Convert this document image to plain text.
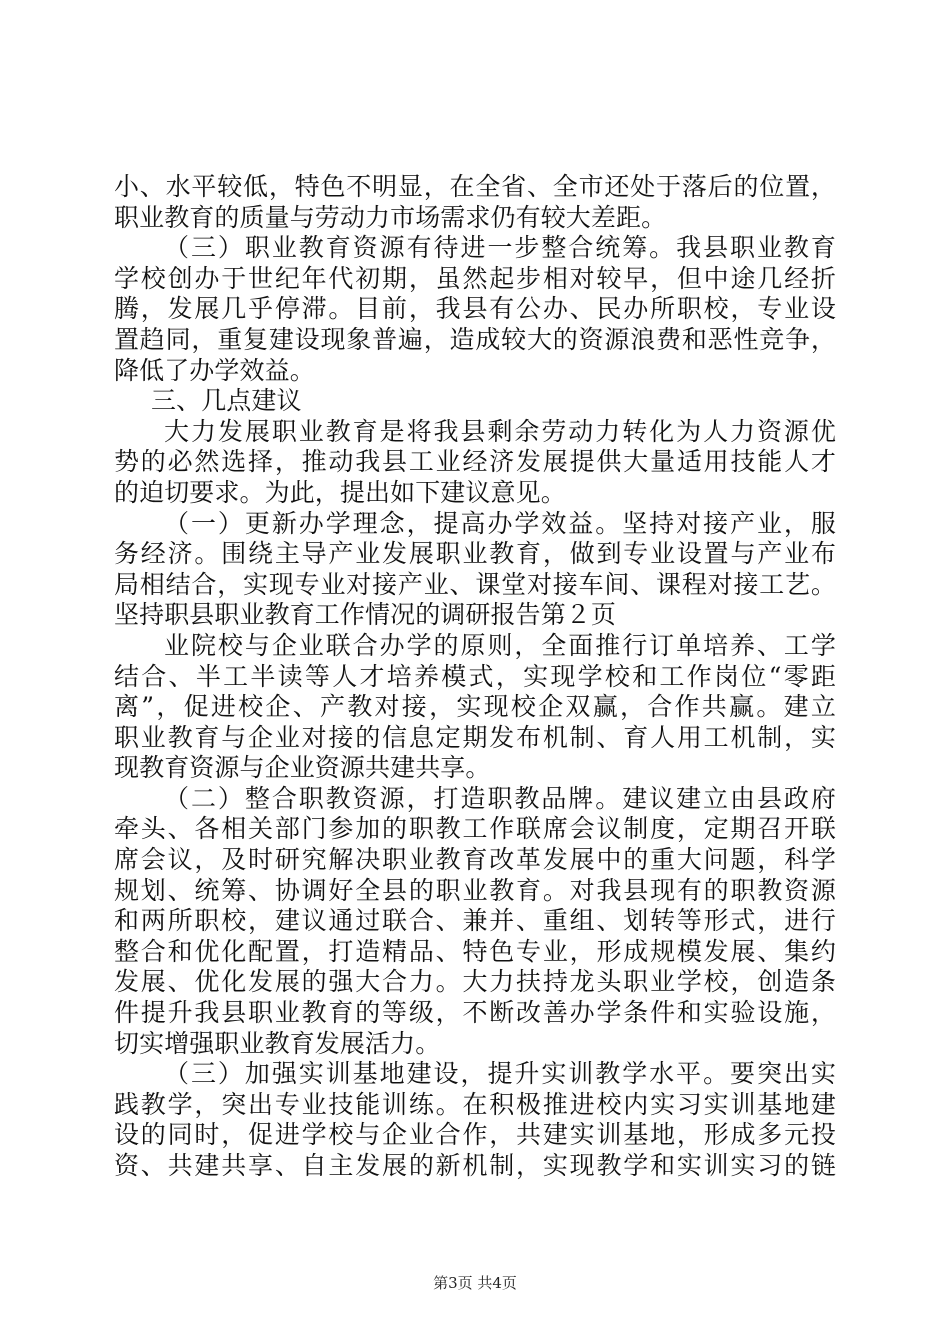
小、水平较低，特色不明显，在全省、全市还处于落后的位置，
职业教育的质量与劳动力市场需求仍有较大差距。
（三）职业教育资源有待进一步整合统筹。我县职业教育
学校创办于世纪年代初期，虽然起步相对较早，但中途几经折
腾，发展几乎停滞。目前，我县有公办、民办所职校，专业设
置趋同，重复建设现象普遍，造成较大的资源浪费和恶性竞争，
降低了办学效益。
三、几点建议
大力发展职业教育是将我县剩余劳动力转化为人力资源优
势的必然选择，推动我县工业经济发展提供大量适用技能人才
的迫切要求。为此，提出如下建议意见。
（一）更新办学理念，提高办学效益。坚持对接产业，服
务经济。围绕主导产业发展职业教育，做到专业设置与产业布
局相结合，实现专业对接产业、课堂对接车间、课程对接工艺。
坚持职县职业教育工作情况的调研报告第２页
业院校与企业联合办学的原则，全面推行订单培养、工学
结合、半工半读等人才培养模式，实现学校和工作岗位“零距
离”，促进校企、产教对接，实现校企双赢，合作共赢。建立
职业教育与企业对接的信息定期发布机制、育人用工机制，实
现教育资源与企业资源共建共享。
（二）整合职教资源，打造职教品牌。建议建立由县政府
牵头、各相关部门参加的职教工作联席会议制度，定期召开联
席会议，及时研究解决职业教育改革发展中的重大问题，科学
规划、统筹、协调好全县的职业教育。对我县现有的职教资源
和两所职校，建议通过联合、兼并、重组、划转等形式，进行
整合和优化配置，打造精品、特色专业，形成规模发展、集约
发展、优化发展的强大合力。大力扶持龙头职业学校，创造条
件提升我县职业教育的等级，不断改善办学条件和实验设施，
切实增强职业教育发展活力。
（三）加强实训基地建设，提升实训教学水平。要突出实
践教学，突出专业技能训练。在积极推进校内实习实训基地建
设的同时，促进学校与企业合作，共建实训基地，形成多元投
资、共建共享、自主发展的新机制，实现教学和实训实习的链
第3页 共4页
